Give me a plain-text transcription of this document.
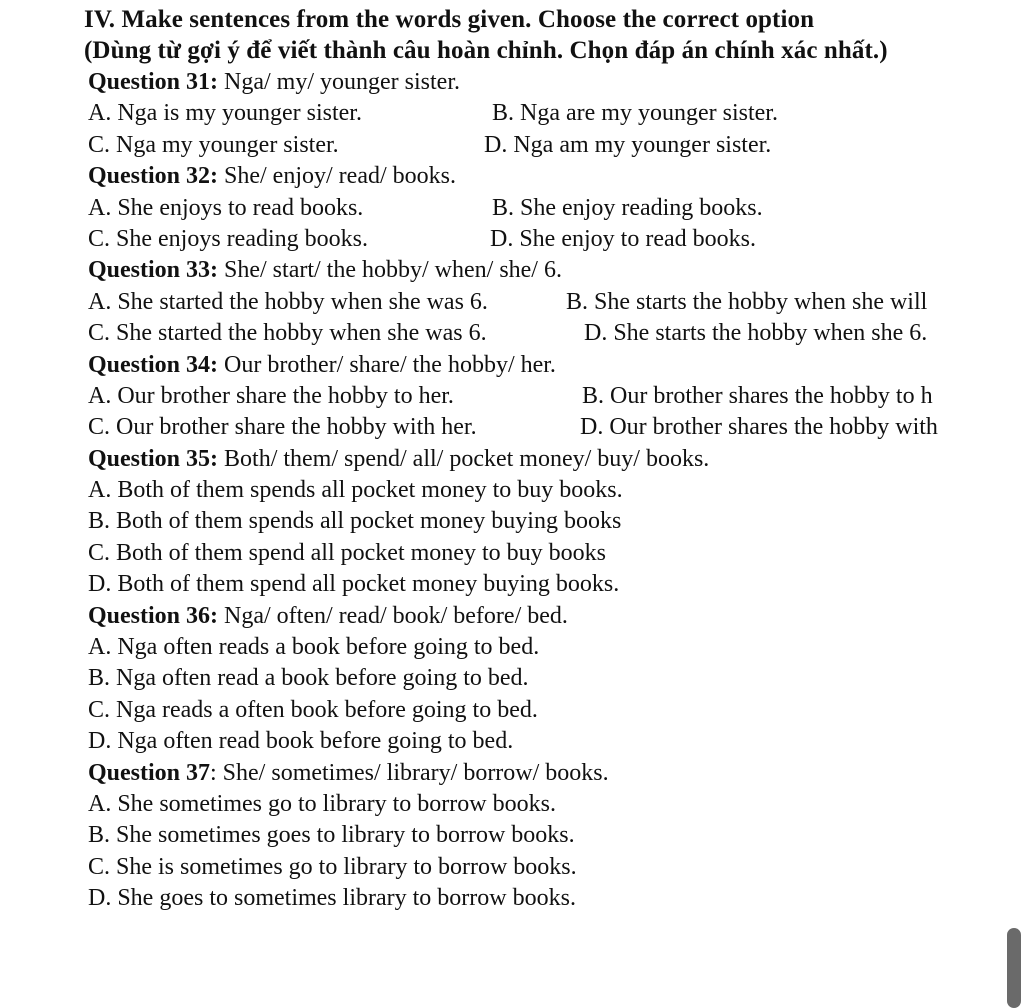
IV. Make sentences from the words given. Choose the correct option
(Dùng từ gợi ý để viết thành câu hoàn chỉnh. Chọn đáp án chính xác nhất.)
Question 31: Nga/ my/ younger sister.
A. Nga is my younger sister.	B. Nga are my younger sister.
C. Nga my younger sister.	D. Nga am my younger sister.
Question 32: She/ enjoy/ read/ books.
A. She enjoys to read books.	B. She enjoy reading books.
C. She enjoys reading books.	D. She enjoy to read books.
Question 33: She/ start/ the hobby/ when/ she/ 6.
A. She started the hobby when she was 6.	B. She starts the hobby when she will
C. She started the hobby when she was 6.	D. She starts the hobby when she 6.
Question 34: Our brother/ share/ the hobby/ her.
A. Our brother share the hobby to her.	B. Our brother shares the hobby to h
C. Our brother share the hobby with her.	D. Our brother shares the hobby with
Question 35: Both/ them/ spend/ all/ pocket money/ buy/ books.
A. Both of them spends all pocket money to buy books.
B. Both of them spends all pocket money buying books
C. Both of them spend all pocket money to buy books
D. Both of them spend all pocket money buying books.
Question 36: Nga/ often/ read/ book/ before/ bed.
A. Nga often reads a book before going to bed.
B. Nga often read a book before going to bed.
C. Nga reads a often book before going to bed.
D. Nga often read book before going to bed.
Question 37: She/ sometimes/ library/ borrow/ books.
A. She sometimes go to library to borrow books.
B. She sometimes goes to library to borrow books.
C. She is sometimes go to library to borrow books.
D. She goes to sometimes library to borrow books.
